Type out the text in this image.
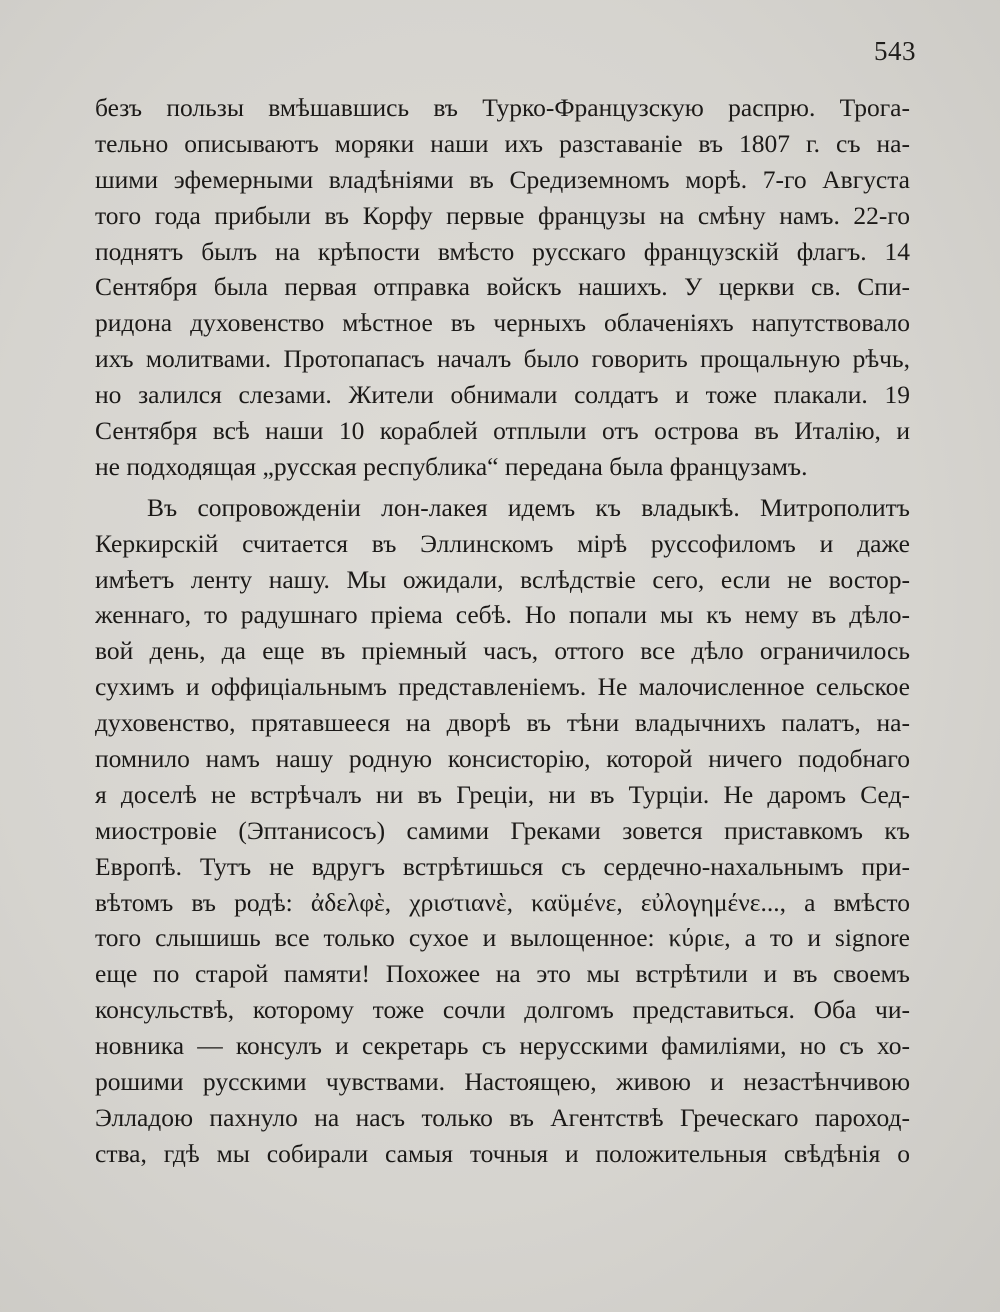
543
безъ пользы вмѣшавшись въ Турко-Французскую распрю. Трога-
тельно описываютъ моряки наши ихъ разставаніе въ 1807 г. съ на-
шими эфемерными владѣніями въ Средиземномъ морѣ. 7-го Августа
того года прибыли въ Корфу первые французы на смѣну намъ. 22-го
поднятъ былъ на крѣпости вмѣсто русскаго французскій флагъ. 14
Сентября была первая отправка войскъ нашихъ. У церкви св. Спи-
ридона духовенство мѣстное въ черныхъ облаченіяхъ напутствовало
ихъ молитвами. Протопапасъ началъ было говорить прощальную рѣчь,
но залился слезами. Жители обнимали солдатъ и тоже плакали. 19
Сентября всѣ наши 10 кораблей отплыли отъ острова въ Италію, и
не подходящая „русская республика“ передана была французамъ.
Въ сопровожденіи лон-лакея идемъ къ владыкѣ. Митрополитъ
Керкирскій считается въ Эллинскомъ мірѣ руссофиломъ и даже
имѣетъ ленту нашу. Мы ожидали, вслѣдствіе сего, если не востор-
женнаго, то радушнаго пріема себѣ. Но попали мы къ нему въ дѣло-
вой день, да еще въ пріемный часъ, оттого все дѣло ограничилось
сухимъ и оффиціальнымъ представленіемъ. Не малочисленное сельское
духовенство, прятавшееся на дворѣ въ тѣни владычнихъ палатъ, на-
помнило намъ нашу родную консисторію, которой ничего подобнаго
я доселѣ не встрѣчалъ ни въ Греціи, ни въ Турціи. Не даромъ Сед-
миостровіе (Эптанисосъ) самими Греками зовется приставкомъ къ
Европѣ. Тутъ не вдругъ встрѣтишься съ сердечно-нахальнымъ при-
вѣтомъ въ родѣ: ἀδελφὲ, χριστιανὲ, καϋμένε, εὐλογημένε..., а вмѣсто
того слышишь все только сухое и вылощенное: κύριε, а то и signore
еще по старой памяти! Похожее на это мы встрѣтили и въ своемъ
консульствѣ, которому тоже сочли долгомъ представиться. Оба чи-
новника — консулъ и секретарь съ нерусскими фамиліями, но съ хо-
рошими русскими чувствами. Настоящею, живою и незастѣнчивою
Элладою пахнуло на насъ только въ Агентствѣ Греческаго пароход-
ства, гдѣ мы собирали самыя точныя и положительныя свѣдѣнія о
